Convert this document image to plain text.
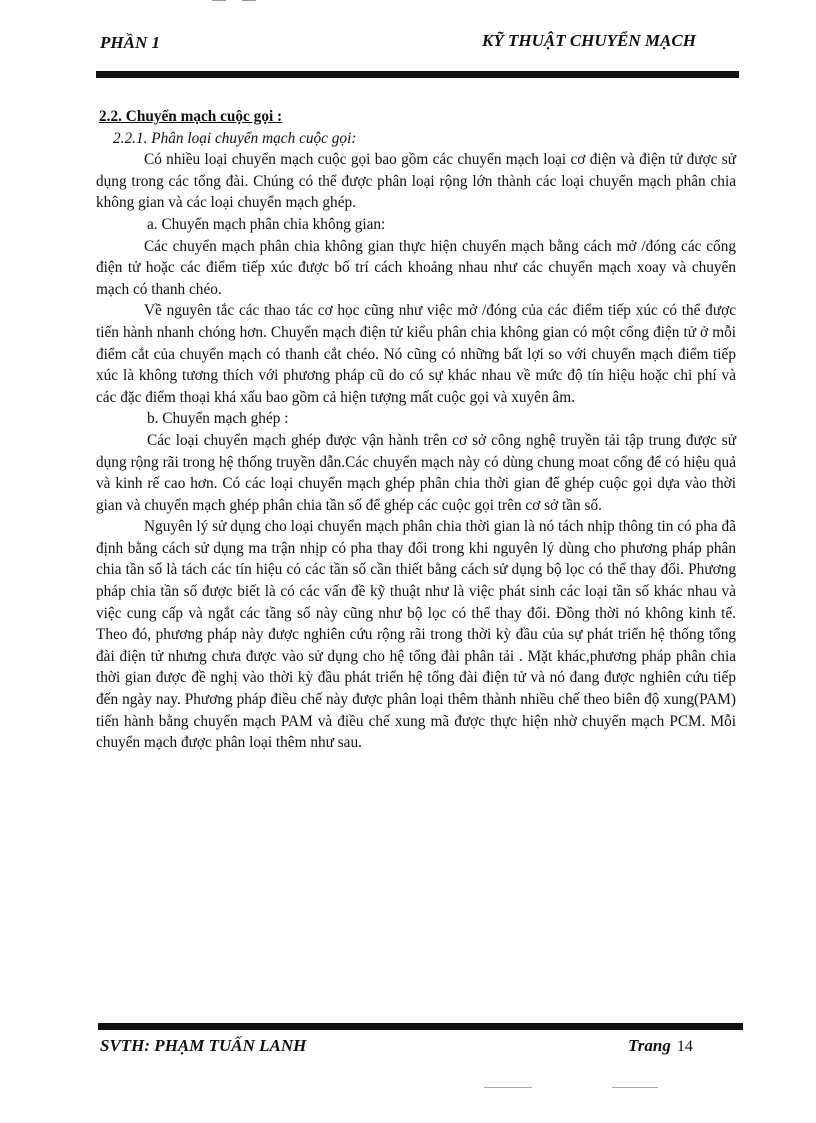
PHẦN 1	KỸ THUẬT CHUYỂN MẠCH
2.2. Chuyển mạch cuộc gọi :
2.2.1. Phân loại chuyển mạch cuộc gọi:

Có nhiều loại chuyển mạch cuộc gọi bao gồm các chuyển mạch loại cơ điện và điện tử được sử dụng trong các tổng đài. Chúng có thể được phân loại rộng lớn thành các loại chuyển mạch phân chia không gian và các loại chuyển mạch ghép.

a. Chuyển mạch phân chia không gian:

Các chuyển mạch phân chia không gian thực hiện chuyển mạch bằng cách mở /đóng các cổng điện tử hoặc các điểm tiếp xúc được bố trí cách khoảng nhau như các chuyển mạch xoay và chuyển mạch có thanh chéo.

Về nguyên tắc các thao tác cơ học cũng như việc mở /đóng của các điểm tiếp xúc có thể được tiến hành nhanh chóng hơn. Chuyển mạch điện tử kiểu phân chia không gian có một cổng điện tử ở mỗi điểm cắt của chuyển mạch có thanh cắt chéo. Nó cũng có những bất lợi so với chuyển mạch điểm tiếp xúc là không tương thích với phương pháp cũ do có sự khác nhau về mức độ tín hiệu hoặc chi phí và các đặc điểm thoại khá xấu bao gồm cả hiện tượng mất cuộc gọi và xuyên âm.

b. Chuyển mạch ghép :

Các loại chuyển mạch ghép được vận hành trên cơ sở công nghệ truyền tải tập trung được sử dụng rộng rãi trong hệ thống truyền dẫn.Các chuyển mạch này có dùng chung moat cổng để có hiệu quả và kinh rế cao hơn. Có các loại chuyển mạch ghép phân chia thời gian để ghép cuộc gọi dựa vào thời gian và chuyển mạch ghép phân chia tần số để ghép các cuộc gọi trên cơ sở tần số.

Nguyên lý sử dụng cho loại chuyển mạch phân chia thời gian là nó tách nhịp thông tin có pha đã định bằng cách sử dụng ma trận nhịp có pha thay đổi trong khi nguyên lý dùng cho phương pháp phân chia tần số là tách các tín hiệu có các tần số cần thiết bằng cách sử dụng bộ lọc có thể thay đổi. Phương pháp chia tần số được biết là có các vấn đề kỹ thuật như là việc phát sinh các loại tần số khác nhau và việc cung cấp và ngắt các tầng số này cũng như bộ lọc có thể thay đổi. Đồng thời nó không kinh tế. Theo đó, phương pháp này được nghiên cứu rộng rãi trong thời kỳ đầu của sự phát triển hệ thống tổng đài điện tử nhưng chưa được vào sử dụng cho hệ tổng đài phân tải . Mặt khác,phương pháp phân chia thời gian được đề nghị vào thời kỳ đầu phát triển hệ tổng đài điện tử và nó đang được nghiên cứu tiếp đến ngày nay. Phương pháp điều chế này được phân loại thêm thành nhiều chế theo biên độ xung(PAM) tiến hành bằng chuyển mạch PAM và điều chế xung mã được thực hiện nhờ chuyển mạch PCM. Mỗi chuyển mạch được phân loại thêm như sau.

SVTH: PHẠM TUẤN LANH	Trang 14
